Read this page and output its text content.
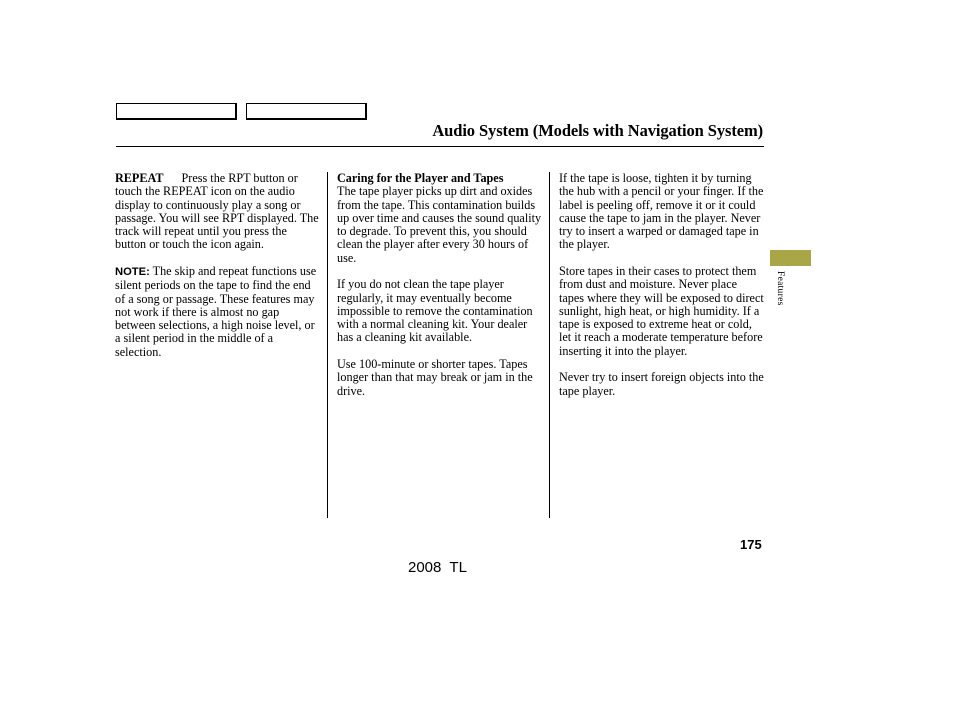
Audio System (Models with Navigation System)

REPEAT Press the RPT button or touch the REPEAT icon on the audio display to continuously play a song or passage. You will see RPT displayed. The track will repeat until you press the button or touch the icon again.

NOTE: The skip and repeat functions use silent periods on the tape to find the end of a song or passage. These features may not work if there is almost no gap between selections, a high noise level, or a silent period in the middle of a selection.

Caring for the Player and Tapes
The tape player picks up dirt and oxides from the tape. This contamination builds up over time and causes the sound quality to degrade. To prevent this, you should clean the player after every 30 hours of use.

If you do not clean the tape player regularly, it may eventually become impossible to remove the contamination with a normal cleaning kit. Your dealer has a cleaning kit available.

Use 100-minute or shorter tapes. Tapes longer than that may break or jam in the drive.

If the tape is loose, tighten it by turning the hub with a pencil or your finger. If the label is peeling off, remove it or it could cause the tape to jam in the player. Never try to insert a warped or damaged tape in the player.

Store tapes in their cases to protect them from dust and moisture. Never place tapes where they will be exposed to direct sunlight, high heat, or high humidity. If a tape is exposed to extreme heat or cold, let it reach a moderate temperature before inserting it into the player.

Never try to insert foreign objects into the tape player.

Features
175
2008  TL
